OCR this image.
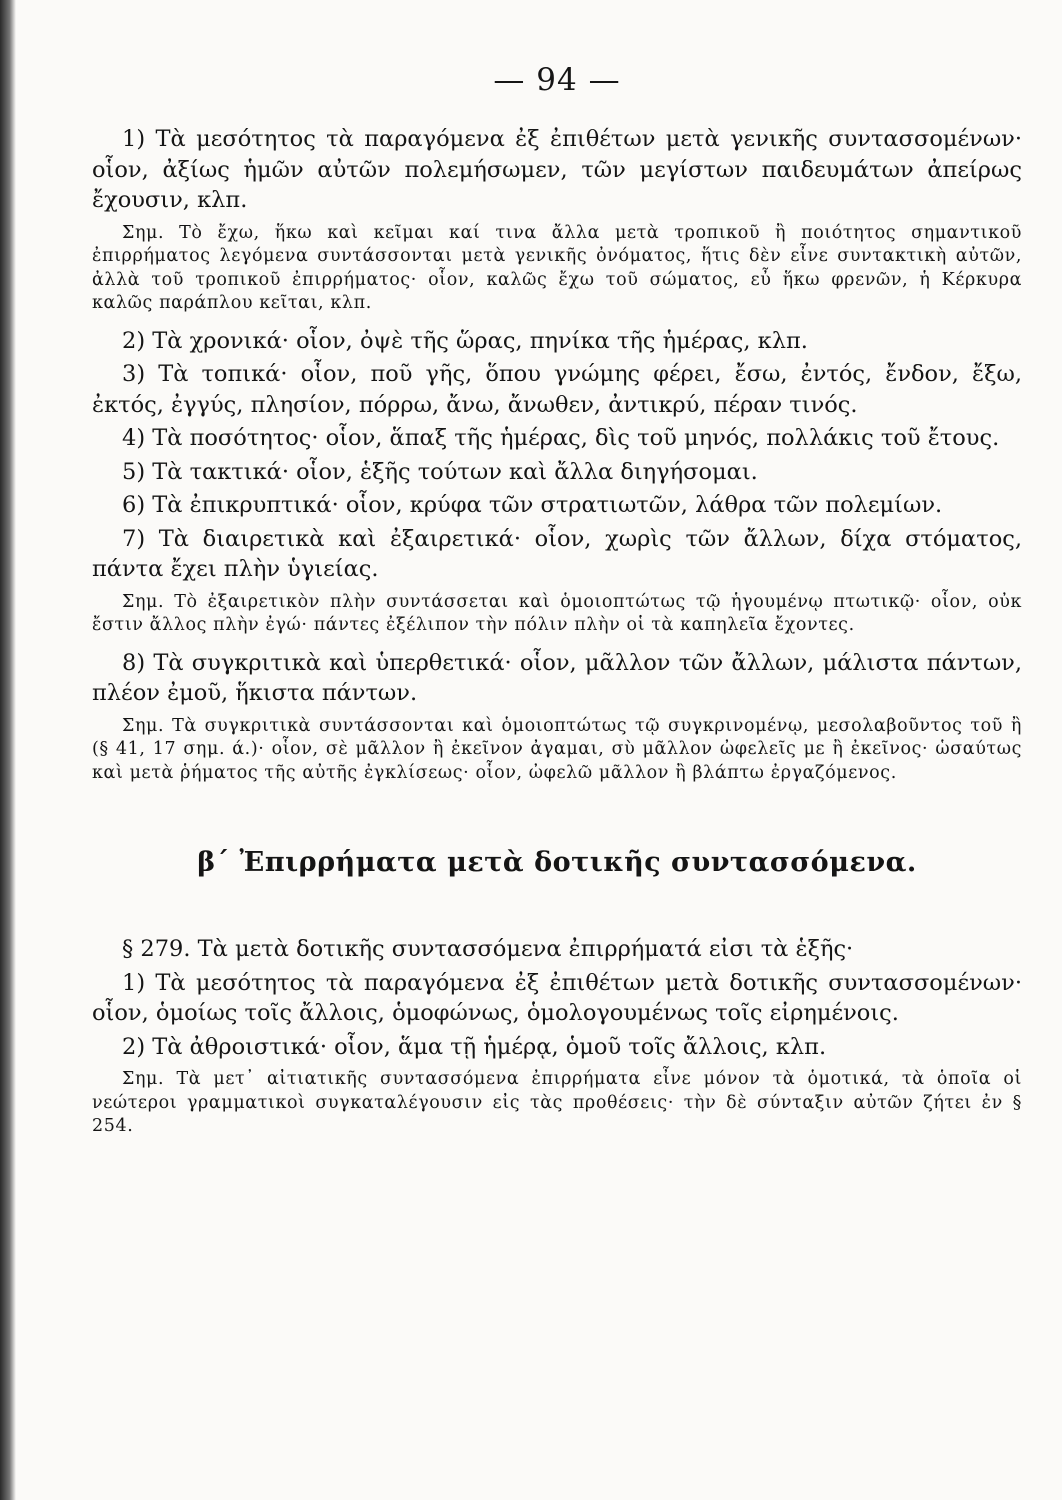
— 94 —

1) Τὰ μεσότητος τὰ παραγόμενα ἐξ ἐπιθέτων μετὰ γενικῆς συντασσομένων· οἷον, ἀξίως ἡμῶν αὐτῶν πολεμήσωμεν, τῶν μεγίστων παιδευμάτων ἀπείρως ἔχουσιν, κλπ.

Σημ. Τὸ ἔχω, ἥκω καὶ κεῖμαι καί τινα ἄλλα μετὰ τροπικοῦ ἢ ποιότητος σημαντικοῦ ἐπιρρήματος λεγόμενα συντάσσονται μετὰ γενικῆς ὀνόματος, ἥτις δὲν εἶνε συντακτικὴ αὐτῶν, ἀλλὰ τοῦ τροπικοῦ ἐπιρρήματος· οἷον, καλῶς ἔχω τοῦ σώματος, εὖ ἥκω φρενῶν, ἡ Κέρκυρα καλῶς παράπλου κεῖται, κλπ.

2) Τὰ χρονικά· οἷον, ὀψὲ τῆς ὥρας, πηνίκα τῆς ἡμέρας, κλπ.

3) Τὰ τοπικά· οἷον, ποῦ γῆς, ὅπου γνώμης φέρει, ἔσω, ἐντός, ἔνδον, ἔξω, ἐκτός, ἐγγύς, πλησίον, πόρρω, ἄνω, ἄνωθεν, ἀντικρύ, πέραν τινός.

4) Τὰ ποσότητος· οἷον, ἅπαξ τῆς ἡμέρας, δὶς τοῦ μηνός, πολλάκις τοῦ ἔτους.

5) Τὰ τακτικά· οἷον, ἑξῆς τούτων καὶ ἄλλα διηγήσομαι.

6) Τὰ ἐπικρυπτικά· οἷον, κρύφα τῶν στρατιωτῶν, λάθρα τῶν πολεμίων.

7) Τὰ διαιρετικὰ καὶ ἐξαιρετικά· οἷον, χωρὶς τῶν ἄλλων, δίχα στόματος, πάντα ἔχει πλὴν ὑγιείας.

Σημ. Τὸ ἐξαιρετικὸν πλὴν συντάσσεται καὶ ὁμοιοπτώτως τῷ ἡγουμένῳ πτωτικῷ· οἷον, οὐκ ἔστιν ἄλλος πλὴν ἐγώ· πάντες ἐξέλιπον τὴν πόλιν πλὴν οἱ τὰ καπηλεῖα ἔχοντες.

8) Τὰ συγκριτικὰ καὶ ὑπερθετικά· οἷον, μᾶλλον τῶν ἄλλων, μάλιστα πάντων, πλέον ἐμοῦ, ἥκιστα πάντων.

Σημ. Τὰ συγκριτικὰ συντάσσονται καὶ ὁμοιοπτώτως τῷ συγκρινομένῳ, μεσολαβοῦντος τοῦ ἢ (§ 41, 17 σημ. ά.)· οἷον, σὲ μᾶλλον ἢ ἐκεῖνον ἀγαμαι, σὺ μᾶλλον ὠφελεῖς με ἢ ἐκεῖνος· ὡσαύτως καὶ μετὰ ῥήματος τῆς αὐτῆς ἐγκλίσεως· οἷον, ὠφελῶ μᾶλλον ἢ βλάπτω ἐργαζόμενος.

β΄ Ἐπιρρήματα μετὰ δοτικῆς συντασσόμενα.

§ 279. Τὰ μετὰ δοτικῆς συντασσόμενα ἐπιρρήματά εἰσι τὰ ἑξῆς·

1) Τὰ μεσότητος τὰ παραγόμενα ἐξ ἐπιθέτων μετὰ δοτικῆς συντασσομένων· οἷον, ὁμοίως τοῖς ἄλλοις, ὁμοφώνως, ὁμολογουμένως τοῖς εἰρημένοις.

2) Τὰ ἀθροιστικά· οἷον, ἅμα τῇ ἡμέρᾳ, ὁμοῦ τοῖς ἄλλοις, κλπ.

Σημ. Τὰ μετ᾽ αἰτιατικῆς συντασσόμενα ἐπιρρήματα εἶνε μόνον τὰ ὁμοτικά, τὰ ὁποῖα οἱ νεώτεροι γραμματικοὶ συγκαταλέγουσιν εἰς τὰς προθέσεις· τὴν δὲ σύνταξιν αὐτῶν ζήτει ἐν § 254.
